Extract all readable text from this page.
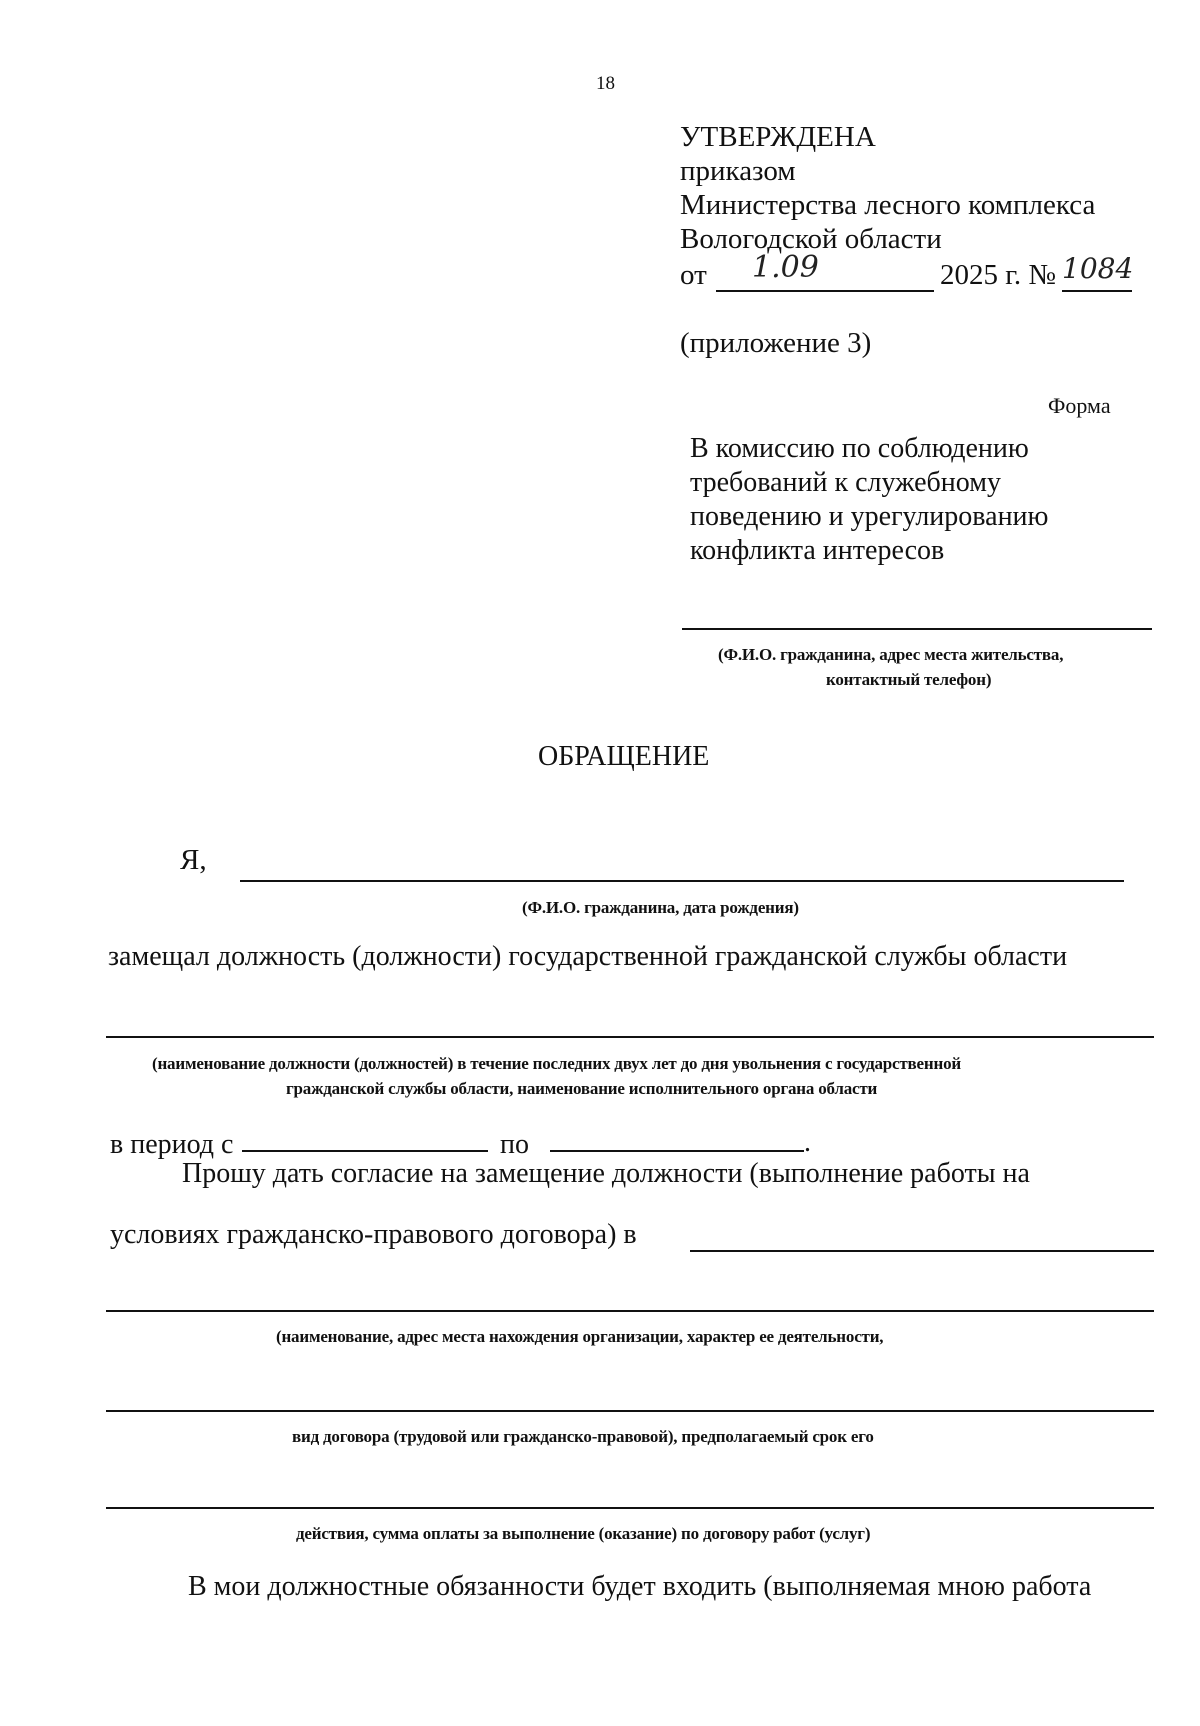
18
УТВЕРЖДЕНА
приказом
Министерства лесного комплекса
Вологодской области
от 1.09	2025 г. № 1084
(приложение 3)
Форма
В комиссию по соблюдению
требований к служебному
поведению и урегулированию
конфликта интересов
(Ф.И.О. гражданина, адрес места жительства,
контактный телефон)
ОБРАЩЕНИЕ
Я,
(Ф.И.О. гражданина, дата рождения)
замещал должность (должности) государственной гражданской службы области
(наименование должности (должностей) в течение последних двух лет до дня увольнения с государственной
гражданской службы области, наименование исполнительного органа области
в период с	по	.
Прошу дать согласие на замещение должности (выполнение работы на
условиях гражданско-правового договора) в
(наименование, адрес места нахождения организации, характер ее деятельности,
вид договора (трудовой или гражданско-правовой), предполагаемый срок его
действия, сумма оплаты за выполнение (оказание) по договору работ (услуг)
В мои должностные обязанности будет входить (выполняемая мною работа
